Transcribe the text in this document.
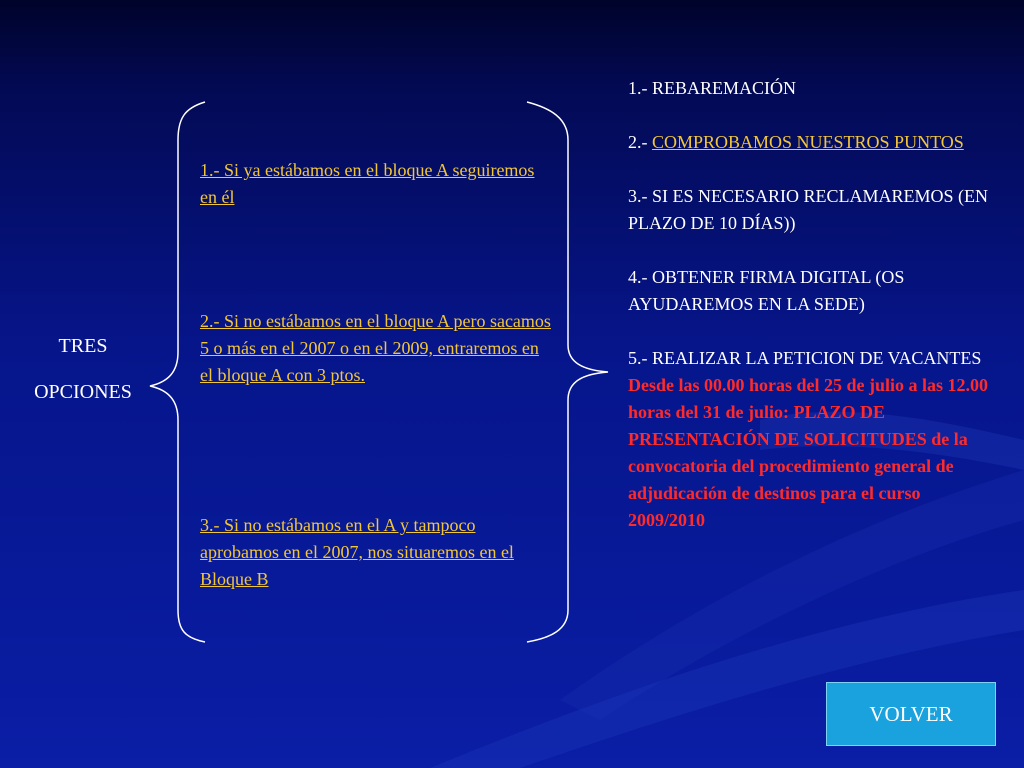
TRES
OPCIONES
1.- Si ya estábamos en el bloque A seguiremos en él
2.- Si no estábamos en el bloque A pero sacamos 5 o más en el 2007 o en el 2009, entraremos en el bloque A con 3 ptos.
3.- Si no estábamos en el A y tampoco aprobamos en el 2007, nos situaremos en el Bloque B
1.- REBAREMACIÓN
2.- COMPROBAMOS NUESTROS PUNTOS
3.- SI ES NECESARIO RECLAMAREMOS (EN PLAZO DE 10 DÍAS))
4.- OBTENER FIRMA DIGITAL (OS AYUDAREMOS EN LA SEDE)
5.- REALIZAR LA PETICION DE VACANTES
Desde las 00.00 horas del 25 de julio a las 12.00 horas del 31 de julio: PLAZO DE PRESENTACIÓN DE SOLICITUDES de la convocatoria del procedimiento general de adjudicación de destinos para el curso 2009/2010
VOLVER
